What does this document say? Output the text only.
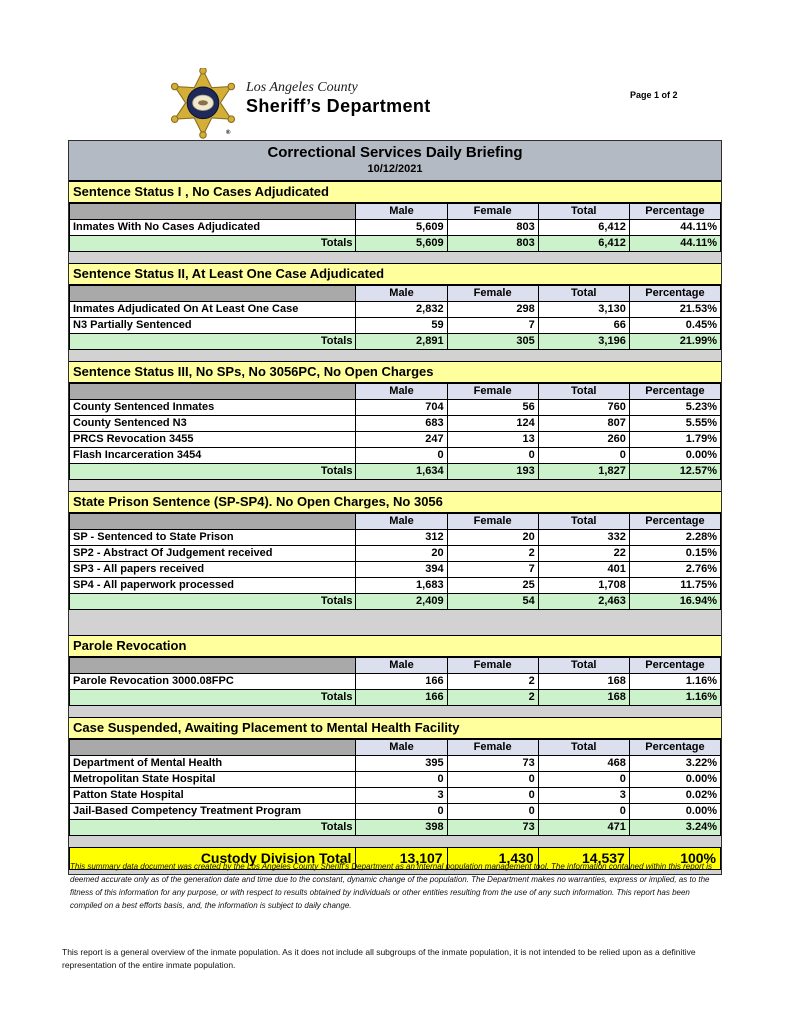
®
Los Angeles County
Sheriff’s Department
Page 1 of 2
Correctional Services Daily Briefing
10/12/2021
Sentence Status I , No Cases Adjudicated
	Male	Female	Total	Percentage
Inmates With No Cases Adjudicated	5,609	803	6,412	44.11%
Totals	5,609	803	6,412	44.11%
Sentence Status II, At Least One Case Adjudicated
	Male	Female	Total	Percentage
Inmates Adjudicated On At Least One Case	2,832	298	3,130	21.53%
N3 Partially Sentenced	59	7	66	0.45%
Totals	2,891	305	3,196	21.99%
Sentence Status III, No SPs, No 3056PC, No Open Charges
	Male	Female	Total	Percentage
County Sentenced Inmates	704	56	760	5.23%
County Sentenced N3	683	124	807	5.55%
PRCS Revocation 3455	247	13	260	1.79%
Flash Incarceration 3454	0	0	0	0.00%
Totals	1,634	193	1,827	12.57%
State Prison Sentence (SP-SP4). No Open Charges, No 3056
	Male	Female	Total	Percentage
SP - Sentenced to State Prison	312	20	332	2.28%
SP2 - Abstract Of Judgement received	20	2	22	0.15%
SP3 - All papers received	394	7	401	2.76%
SP4 - All paperwork processed	1,683	25	1,708	11.75%
Totals	2,409	54	2,463	16.94%
Parole Revocation
	Male	Female	Total	Percentage
Parole Revocation 3000.08FPC	166	2	168	1.16%
Totals	166	2	168	1.16%
Case Suspended, Awaiting Placement to Mental Health Facility
	Male	Female	Total	Percentage
Department of Mental Health	395	73	468	3.22%
Metropolitan State Hospital	0	0	0	0.00%
Patton State Hospital	3	0	3	0.02%
Jail-Based Competency Treatment Program	0	0	0	0.00%
Totals	398	73	471	3.24%
Custody Division Total	13,107	1,430	14,537	100%

This summary data document was created by the Los Angeles County Sheriff's Department as an internal population management tool. The information contained within this report is deemed accurate only as of the generation date and time due to the constant, dynamic change of the population. The Department makes no warranties, express or implied, as to the fitness of this information for any purpose, or with respect to results obtained by individuals or other entities resulting from the use of any such information. This report has been compiled on a best efforts basis, and, the information is subject to daily change.

This report is a general overview of the inmate population. As it does not include all subgroups of the inmate population, it is not intended to be relied upon as a definitive representation of the entire inmate population.
